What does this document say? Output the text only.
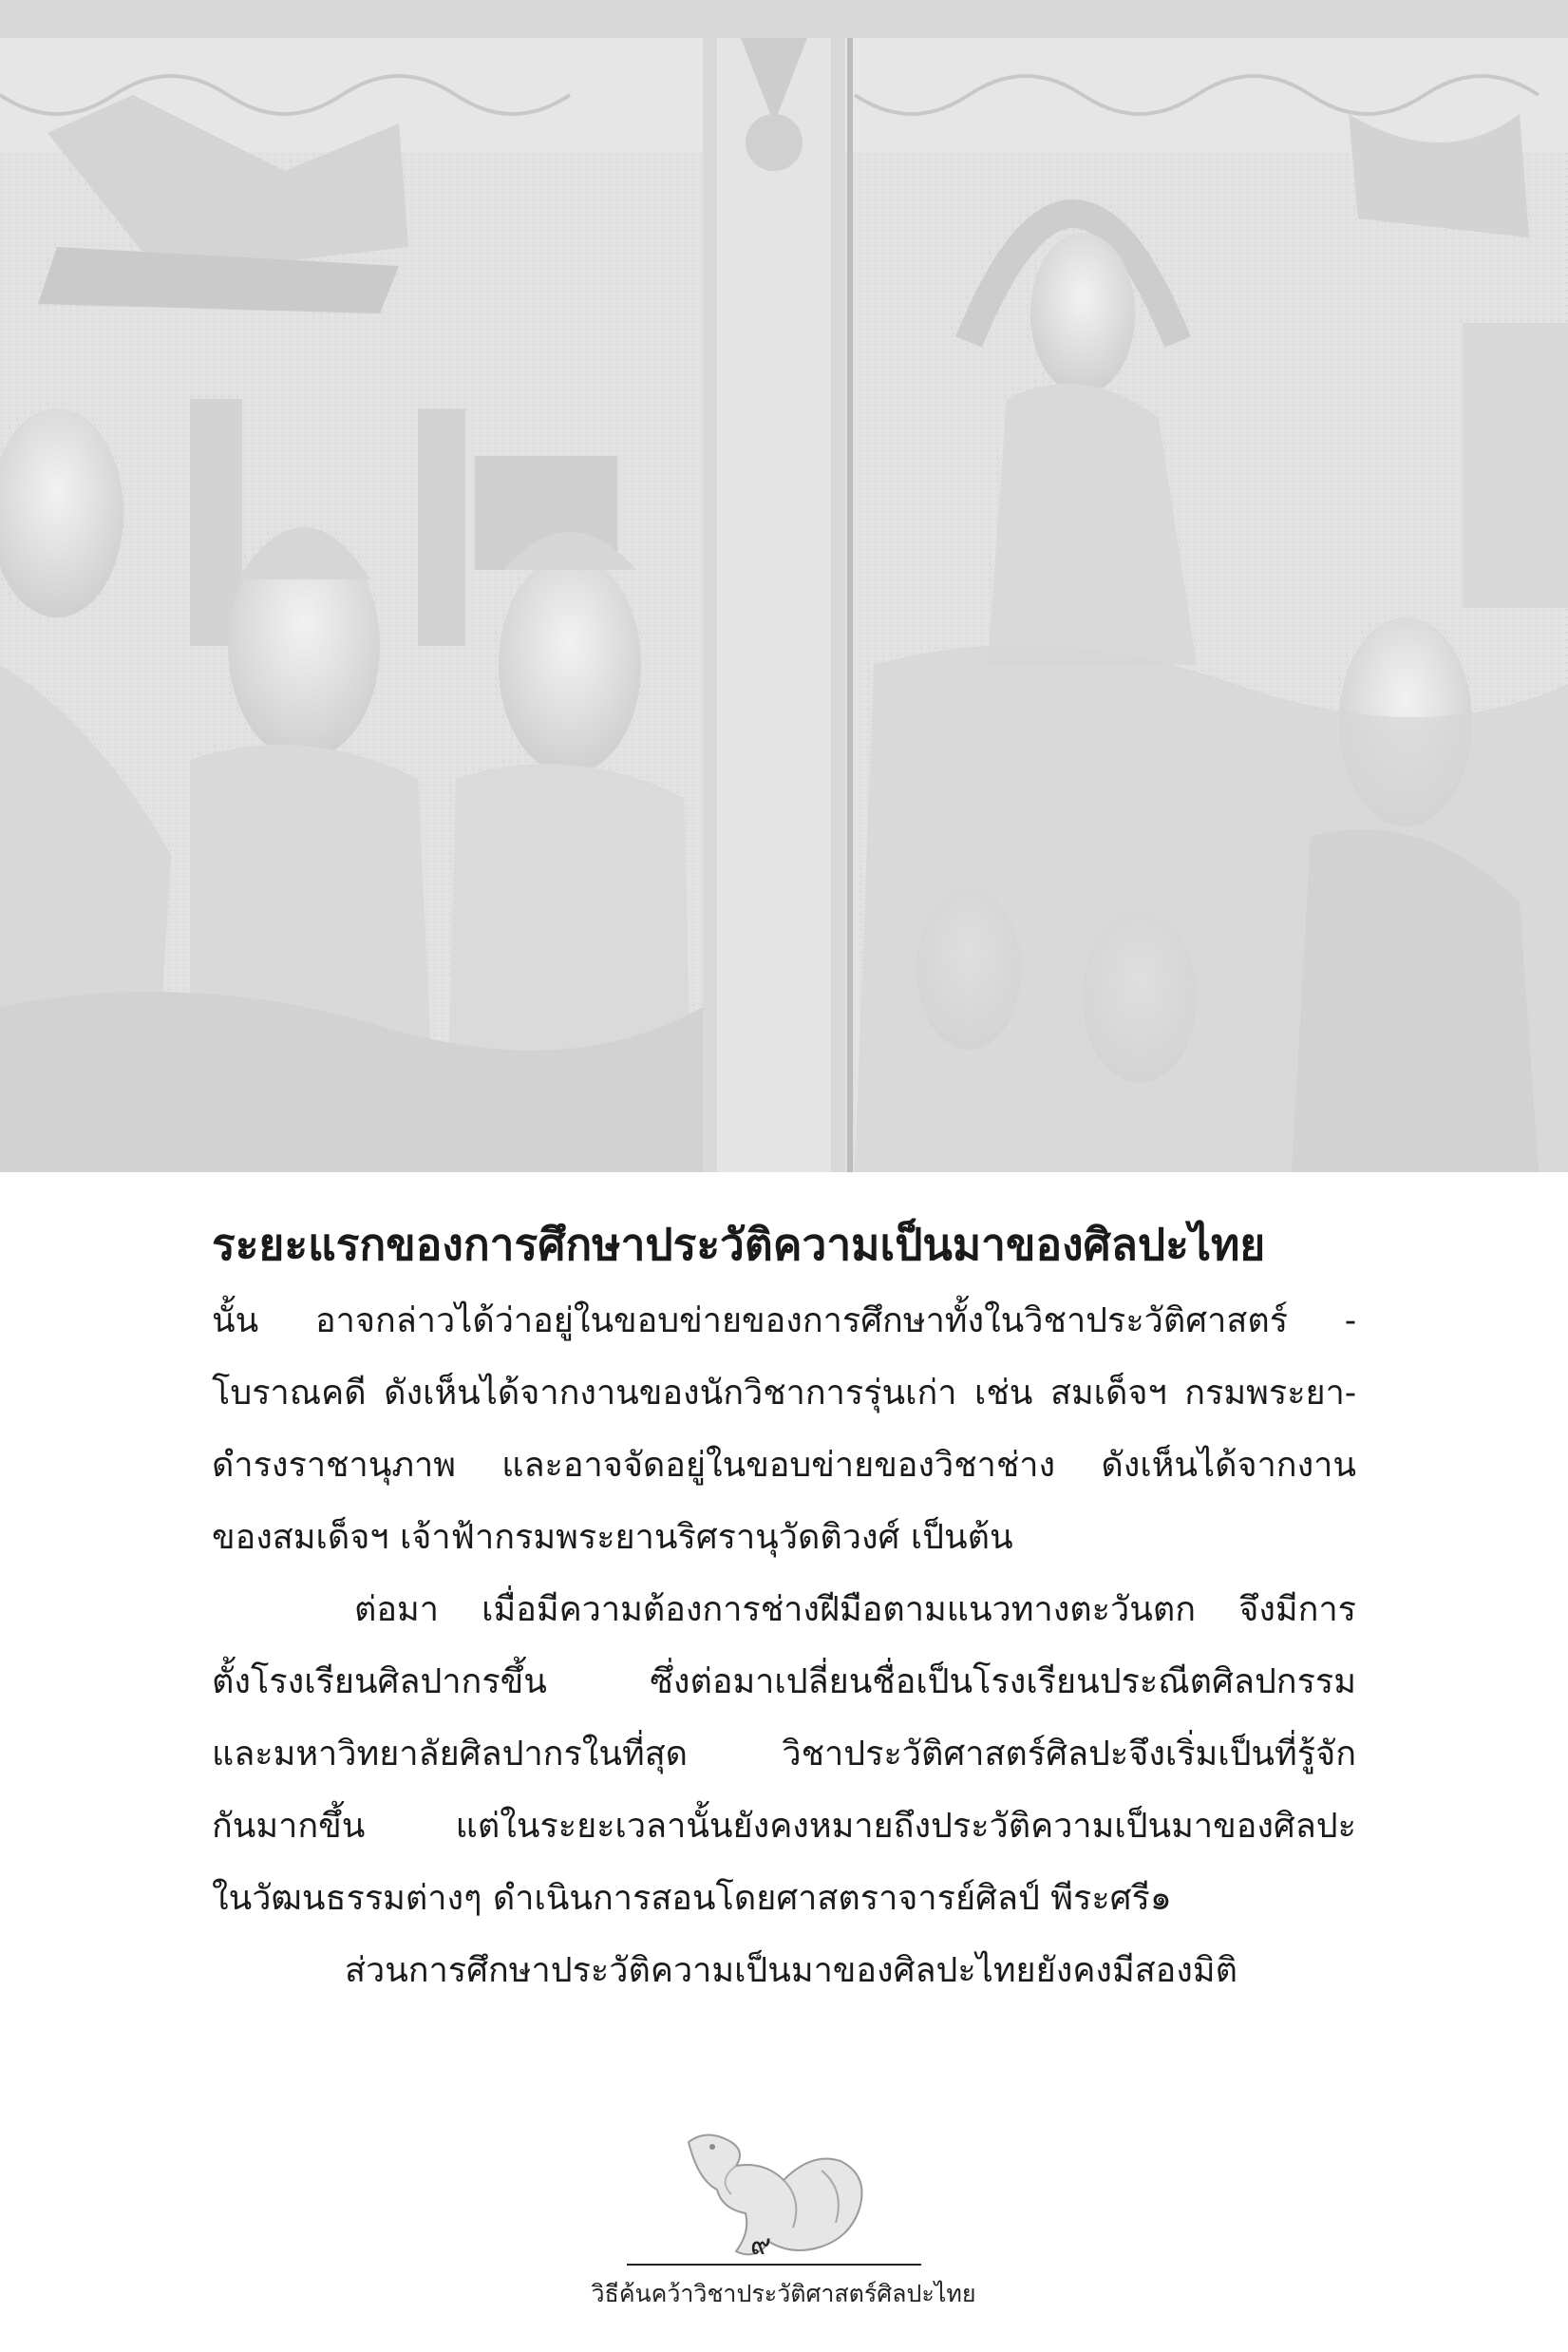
ระยะแรกของการศึกษาประวัติความเป็นมาของศิลปะไทย

นั้น อาจกล่าวได้ว่าอยู่ในขอบข่ายของการศึกษาทั้งในวิชาประวัติศาสตร์ -

โบราณคดี ดังเห็นได้จากงานของนักวิชาการรุ่นเก่า เช่น สมเด็จฯ กรมพระยา-

ดำรงราชานุภาพ และอาจจัดอยู่ในขอบข่ายของวิชาช่าง ดังเห็นได้จากงาน

ของสมเด็จฯ เจ้าฟ้ากรมพระยานริศรานุวัดติวงศ์ เป็นต้น

ต่อมา เมื่อมีความต้องการช่างฝีมือตามแนวทางตะวันตก จึงมีการ

ตั้งโรงเรียนศิลปากรขึ้น ซึ่งต่อมาเปลี่ยนชื่อเป็นโรงเรียนประณีตศิลปกรรม

และมหาวิทยาลัยศิลปากรในที่สุด วิชาประวัติศาสตร์ศิลปะจึงเริ่มเป็นที่รู้จัก

กันมากขึ้น แต่ในระยะเวลานั้นยังคงหมายถึงประวัติความเป็นมาของศิลปะ

ในวัฒนธรรมต่างๆ ดำเนินการสอนโดยศาสตราจารย์ศิลป์ พีระศรี๑

ส่วนการศึกษาประวัติความเป็นมาของศิลปะไทยยังคงมีสองมิติ

๙
วิธีค้นคว้าวิชาประวัติศาสตร์ศิลปะไทย
